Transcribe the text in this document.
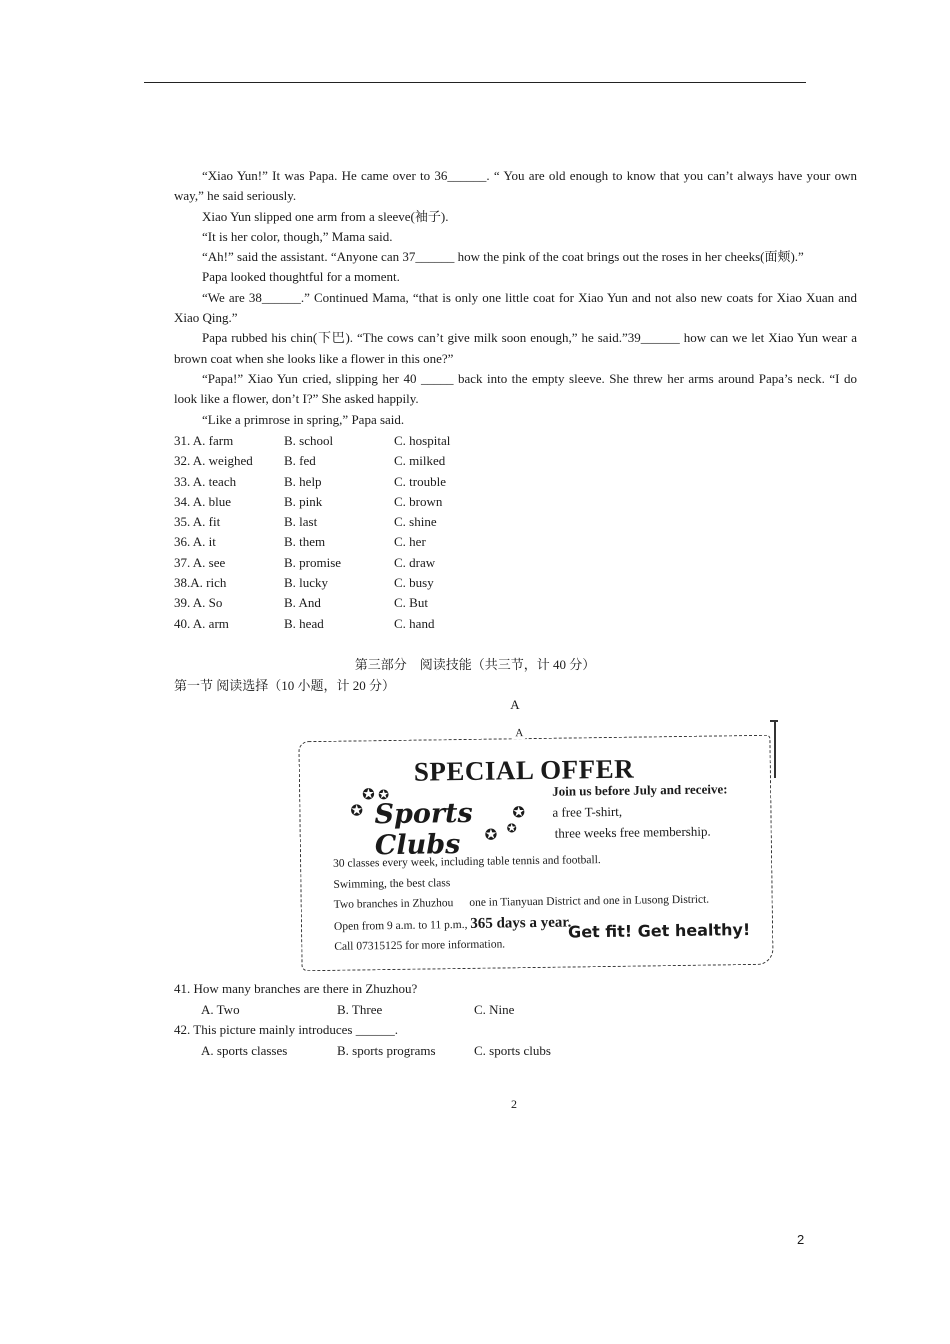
“Xiao Yun!” It was Papa. He came over to 36______. “ You are old enough to know that you can’t always have your own way,” he said seriously.

Xiao Yun slipped one arm from a sleeve(袖子).

“It is her color, though,” Mama said.

“Ah!” said the assistant. “Anyone can 37______ how the pink of the coat brings out the roses in her cheeks(面颊).”

Papa looked thoughtful for a moment.

“We are 38______.” Continued Mama, “that is only one little coat for Xiao Yun and not also new coats for Xiao Xuan and Xiao Qing.”

Papa rubbed his chin(下巴). “The cows can’t give milk soon enough,” he said.”39______ how can we let Xiao Yun wear a brown coat when she looks like a flower in this one?”

“Papa!” Xiao Yun cried, slipping her 40 _____ back into the empty sleeve. She threw her arms around Papa’s neck. “I do look like a flower, don’t I?” She asked happily.

“Like a primrose in spring,” Papa said.

31. A. farm	B. school	C. hospital
32. A. weighed B. fed	C. milked
33. A. teach	B. help	C. trouble
34. A. blue	B. pink	C. brown
35. A. fit	B. last	C. shine
36. A. it	B. them	C. her
37. A. see	B. promise	C. draw
38.A. rich	B. lucky	C. busy
39. A. So	B. And	C. But
40. A. arm	B. head	C. hand
第三部分　阅读技能（共三节，计 40 分）
第一节 阅读选择（10 小题，计 20 分）
A
A
SPECIAL OFFER
✪
✪ ✪
Sports Clubs
✪
✪ ✪

Join us before July and receive:

a free T-shirt,

three weeks free membership.

30 classes every week, including table tennis and football.

Swimming, the best class

Two branches in Zhuzhou one in Tianyuan District and one in Lusong District.

Open from 9 a.m. to 11 p.m., 365 days a year.

Call 07315125 for more information.

Get fit! Get healthy!
41. How many branches are there in Zhuzhou?
A. Two	B. Three	C. Nine
42. This picture mainly introduces ______.
A. sports classes	B. sports programs	C. sports clubs
2
2
